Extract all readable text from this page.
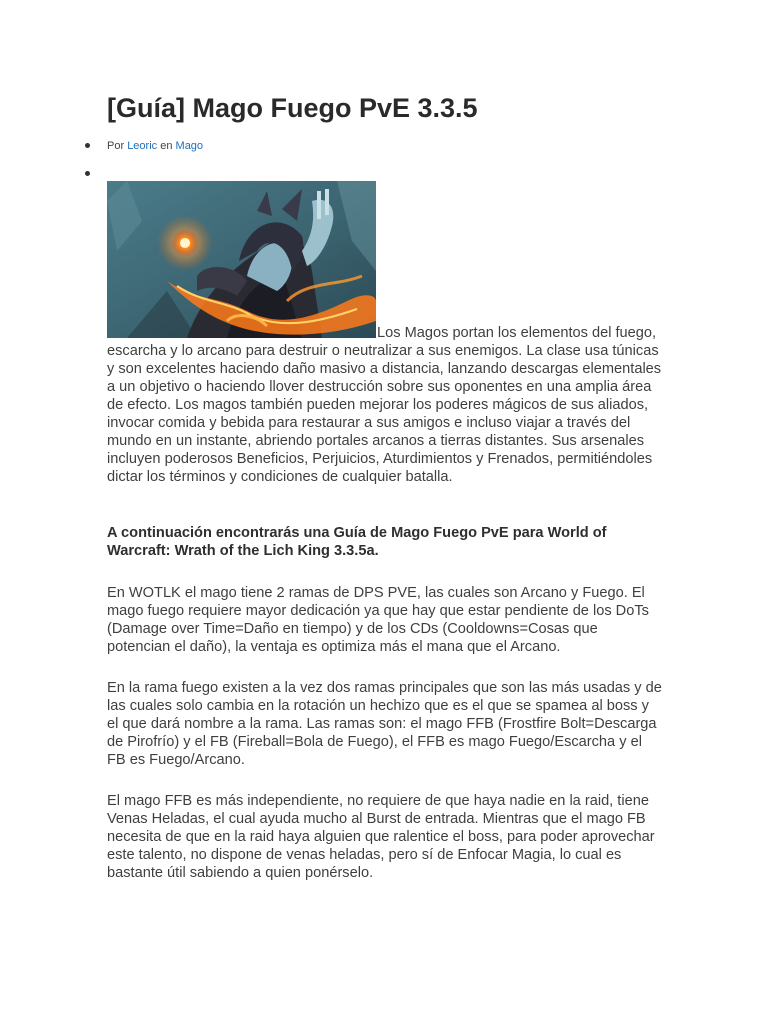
[Guía] Mago Fuego PvE 3.3.5
Por Leoric en Mago

Los Magos portan los elementos del fuego, escarcha y lo arcano para destruir o neutralizar a sus enemigos. La clase usa túnicas y son excelentes haciendo daño masivo a distancia, lanzando descargas elementales a un objetivo o haciendo llover destrucción sobre sus oponentes en una amplia área de efecto. Los magos también pueden mejorar los poderes mágicos de sus aliados, invocar comida y bebida para restaurar a sus amigos e incluso viajar a través del mundo en un instante, abriendo portales arcanos a tierras distantes. Sus arsenales incluyen poderosos Beneficios, Perjuicios, Aturdimientos y Frenados, permitiéndoles dictar los términos y condiciones de cualquier batalla.

A continuación encontrarás una Guía de Mago Fuego PvE para World of Warcraft: Wrath of the Lich King 3.3.5a.

En WOTLK el mago tiene 2 ramas de DPS PVE, las cuales son Arcano y Fuego. El mago fuego requiere mayor dedicación ya que hay que estar pendiente de los DoTs (Damage over Time=Daño en tiempo) y de los CDs (Cooldowns=Cosas que potencian el daño), la ventaja es optimiza más el mana que el Arcano.

En la rama fuego existen a la vez dos ramas principales que son las más usadas y de las cuales solo cambia en la rotación un hechizo que es el que se spamea al boss y el que dará nombre a la rama. Las ramas son: el mago FFB (Frostfire Bolt=Descarga de Pirofrío) y el FB (Fireball=Bola de Fuego), el FFB es mago Fuego/Escarcha y el FB es Fuego/Arcano.

El mago FFB es más independiente, no requiere de que haya nadie en la raid, tiene Venas Heladas, el cual ayuda mucho al Burst de entrada. Mientras que el mago FB necesita de que en la raid haya alguien que ralentice el boss, para poder aprovechar este talento, no dispone de venas heladas, pero sí de Enfocar Magia, lo cual es bastante útil sabiendo a quien ponérselo.
